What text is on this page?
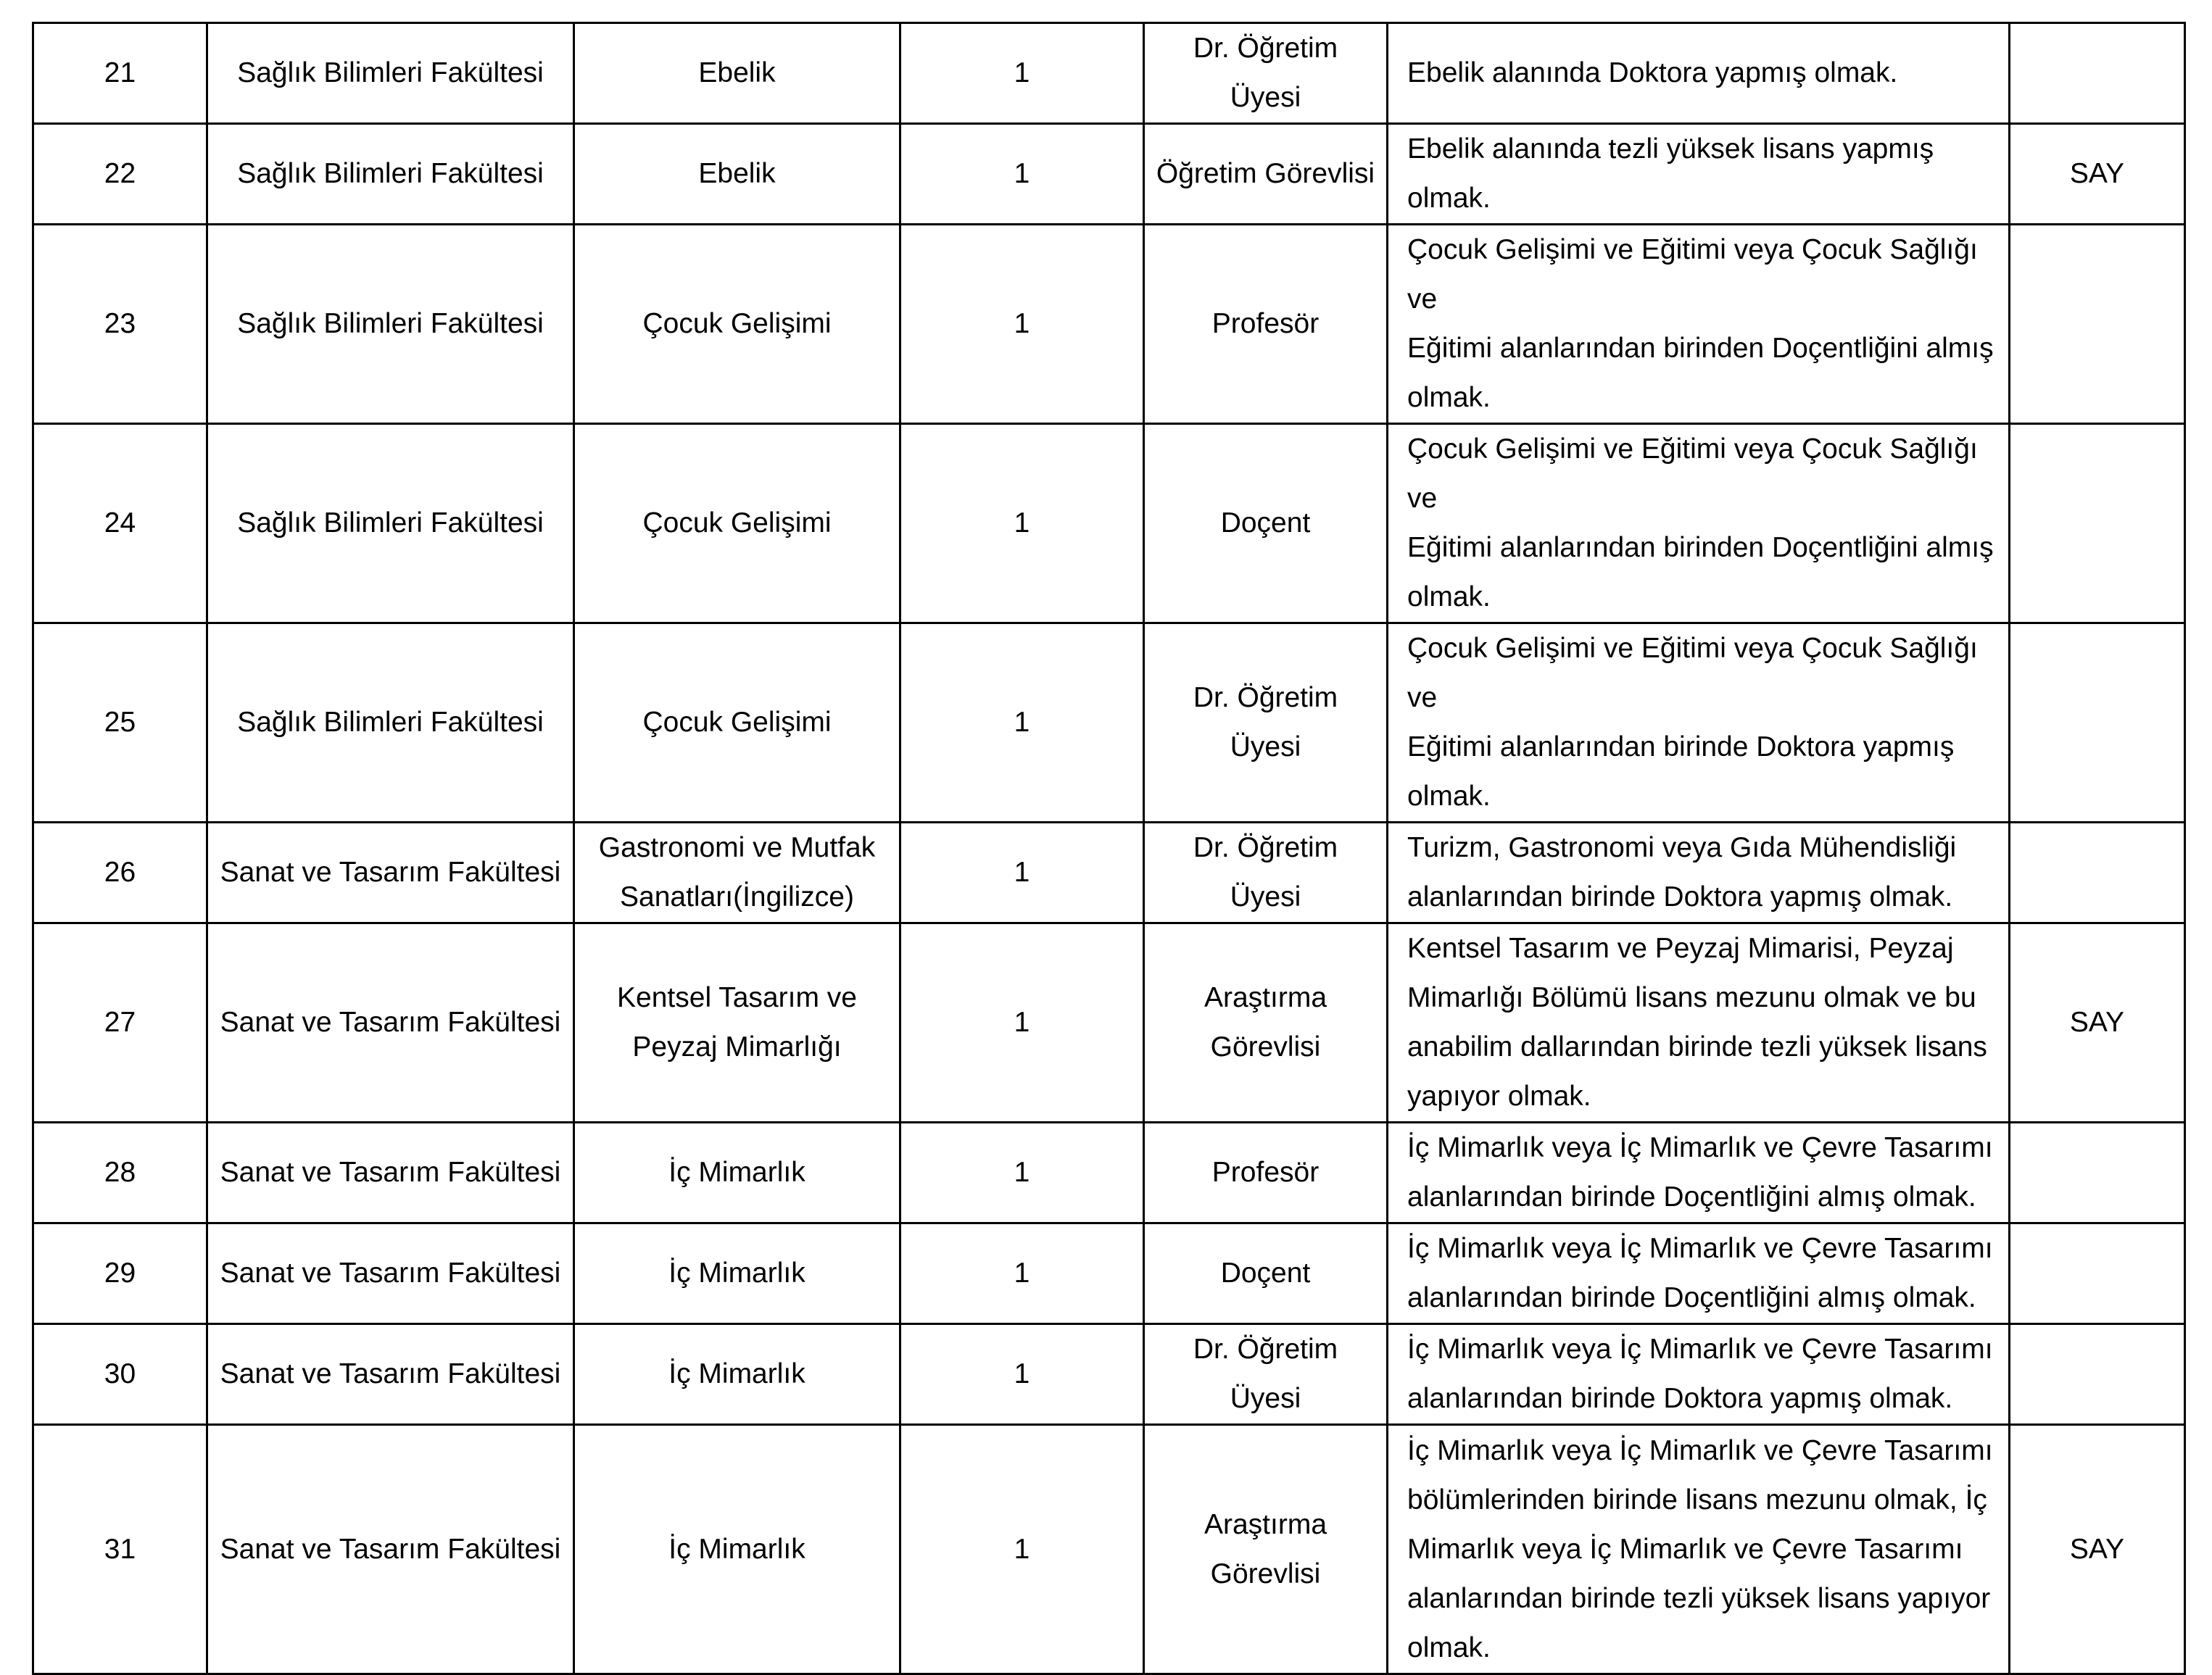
21	Sağlık Bilimleri Fakültesi	Ebelik	1	Dr. Öğretim Üyesi	Ebelik alanında Doktora yapmış olmak.	

22	Sağlık Bilimleri Fakültesi	Ebelik	1	Öğretim Görevlisi	Ebelik alanında tezli yüksek lisans yapmış olmak.	SAY
23	Sağlık Bilimleri Fakültesi	Çocuk Gelişimi	1	Profesör	Çocuk Gelişimi ve Eğitimi veya Çocuk Sağlığı ve
Eğitimi alanlarından birinden Doçentliğini almış
olmak.	

24	Sağlık Bilimleri Fakültesi	Çocuk Gelişimi	1	Doçent	Çocuk Gelişimi ve Eğitimi veya Çocuk Sağlığı ve
Eğitimi alanlarından birinden Doçentliğini almış
olmak.	

25	Sağlık Bilimleri Fakültesi	Çocuk Gelişimi	1	Dr. Öğretim Üyesi	Çocuk Gelişimi ve Eğitimi veya Çocuk Sağlığı ve
Eğitimi alanlarından birinde Doktora yapmış olmak.	

26	Sanat ve Tasarım Fakültesi	Gastronomi ve Mutfak
Sanatları(İngilizce)	1	Dr. Öğretim Üyesi	Turizm, Gastronomi veya Gıda Mühendisliği
alanlarından birinde Doktora yapmış olmak.	

27	Sanat ve Tasarım Fakültesi	Kentsel Tasarım ve
Peyzaj Mimarlığı	1	Araştırma
Görevlisi	Kentsel Tasarım ve Peyzaj Mimarisi, Peyzaj
Mimarlığı Bölümü lisans mezunu olmak ve bu
anabilim dallarından birinde tezli yüksek lisans
yapıyor olmak.	SAY
28	Sanat ve Tasarım Fakültesi	İç Mimarlık	1	Profesör	İç Mimarlık veya İç Mimarlık ve Çevre Tasarımı
alanlarından birinde Doçentliğini almış olmak.	

29	Sanat ve Tasarım Fakültesi	İç Mimarlık	1	Doçent	İç Mimarlık veya İç Mimarlık ve Çevre Tasarımı
alanlarından birinde Doçentliğini almış olmak.	

30	Sanat ve Tasarım Fakültesi	İç Mimarlık	1	Dr. Öğretim Üyesi	İç Mimarlık veya İç Mimarlık ve Çevre Tasarımı
alanlarından birinde Doktora yapmış olmak.	

31	Sanat ve Tasarım Fakültesi	İç Mimarlık	1	Araştırma
Görevlisi	İç Mimarlık veya İç Mimarlık ve Çevre Tasarımı
bölümlerinden birinde lisans mezunu olmak, İç
Mimarlık veya İç Mimarlık ve Çevre Tasarımı
alanlarından birinde tezli yüksek lisans yapıyor
olmak.	SAY
